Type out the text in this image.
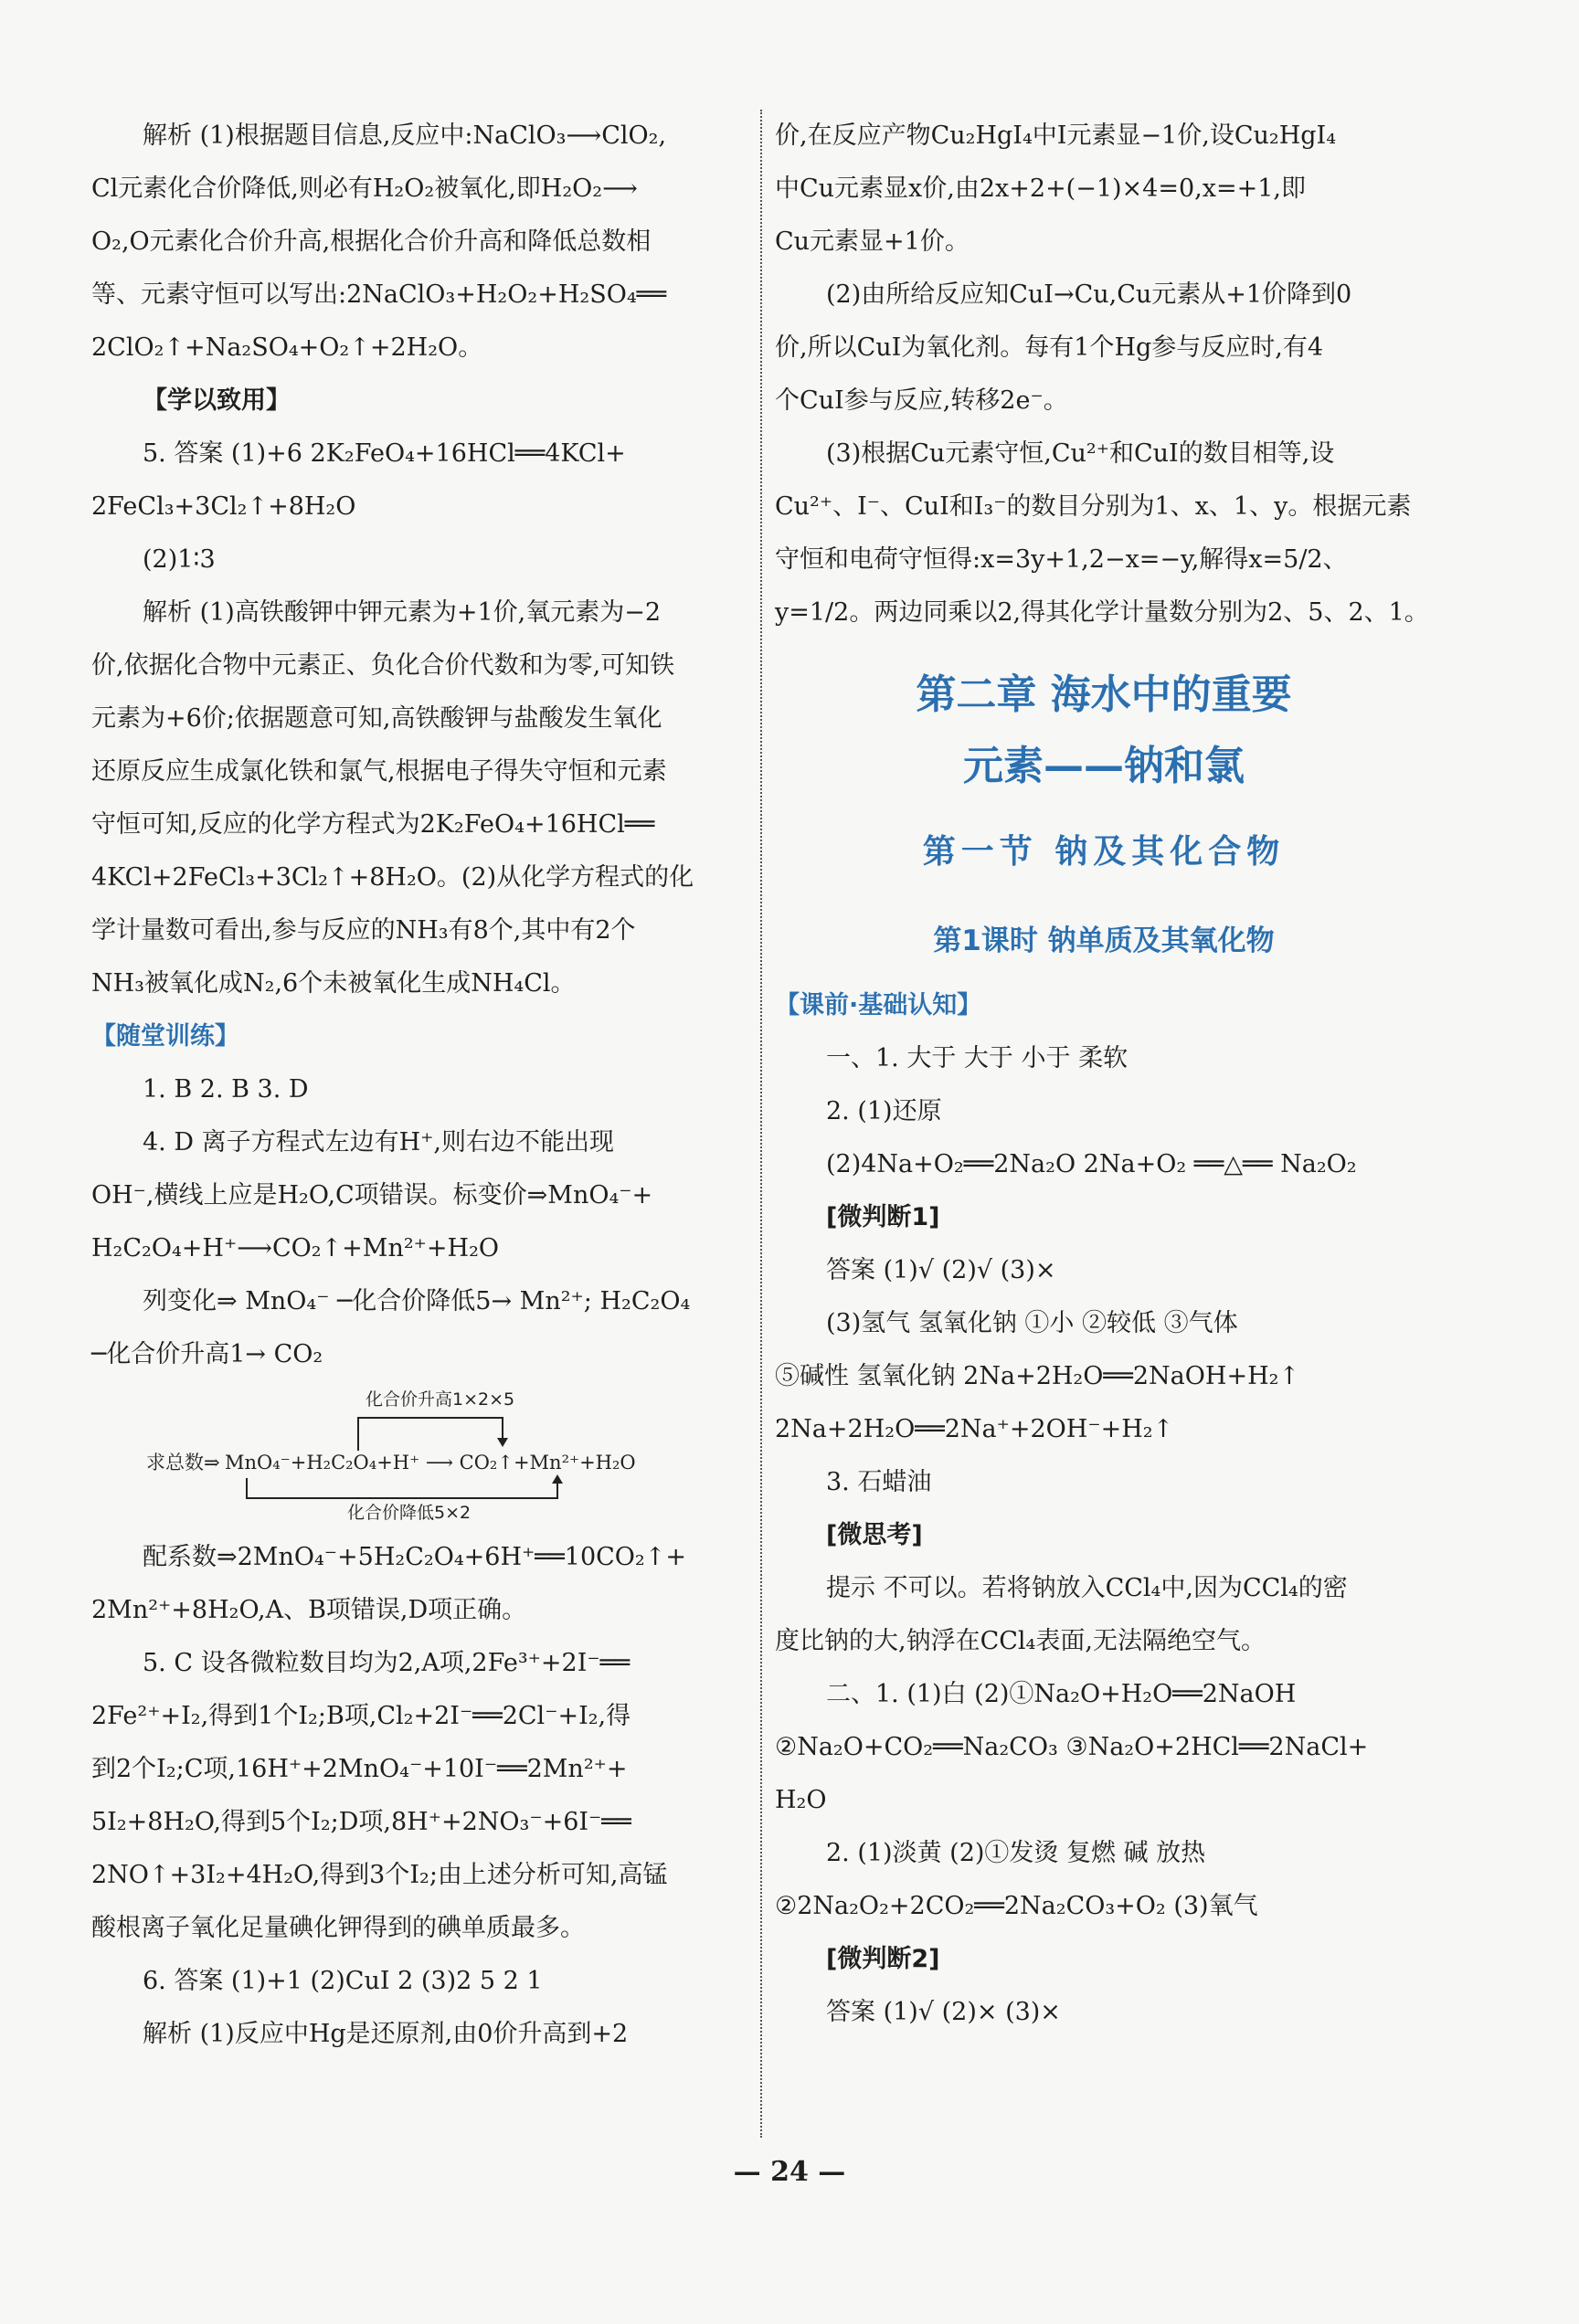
解析 (1)根据题目信息,反应中:NaClO₃⟶ClO₂,
Cl元素化合价降低,则必有H₂O₂被氧化,即H₂O₂⟶
O₂,O元素化合价升高,根据化合价升高和降低总数相
等、元素守恒可以写出:2NaClO₃+H₂O₂+H₂SO₄══
2ClO₂↑+Na₂SO₄+O₂↑+2H₂O。
【学以致用】
5. 答案 (1)+6 2K₂FeO₄+16HCl══4KCl+
2FeCl₃+3Cl₂↑+8H₂O
(2)1∶3
解析 (1)高铁酸钾中钾元素为+1价,氧元素为−2
价,依据化合物中元素正、负化合价代数和为零,可知铁
元素为+6价;依据题意可知,高铁酸钾与盐酸发生氧化
还原反应生成氯化铁和氯气,根据电子得失守恒和元素
守恒可知,反应的化学方程式为2K₂FeO₄+16HCl══
4KCl+2FeCl₃+3Cl₂↑+8H₂O。(2)从化学方程式的化
学计量数可看出,参与反应的NH₃有8个,其中有2个
NH₃被氧化成N₂,6个未被氧化生成NH₄Cl。
【随堂训练】
1. B 2. B 3. D
4. D 离子方程式左边有H⁺,则右边不能出现
OH⁻,横线上应是H₂O,C项错误。标变价⇒MnO₄⁻+
H₂C₂O₄+H⁺⟶CO₂↑+Mn²⁺+H₂O
列变化⇒ MnO₄⁻ ─化合价降低5→ Mn²⁺; H₂C₂O₄
─化合价升高1→ CO₂
化合价升高1×2×5
求总数⇒ MnO₄⁻+H₂C₂O₄+H⁺ ⟶ CO₂↑+Mn²⁺+H₂O
化合价降低5×2
配系数⇒2MnO₄⁻+5H₂C₂O₄+6H⁺══10CO₂↑+
2Mn²⁺+8H₂O,A、B项错误,D项正确。
5. C 设各微粒数目均为2,A项,2Fe³⁺+2I⁻══
2Fe²⁺+I₂,得到1个I₂;B项,Cl₂+2I⁻══2Cl⁻+I₂,得
到2个I₂;C项,16H⁺+2MnO₄⁻+10I⁻══2Mn²⁺+
5I₂+8H₂O,得到5个I₂;D项,8H⁺+2NO₃⁻+6I⁻══
2NO↑+3I₂+4H₂O,得到3个I₂;由上述分析可知,高锰
酸根离子氧化足量碘化钾得到的碘单质最多。
6. 答案 (1)+1 (2)CuI 2 (3)2 5 2 1
解析 (1)反应中Hg是还原剂,由0价升高到+2
价,在反应产物Cu₂HgI₄中I元素显−1价,设Cu₂HgI₄
中Cu元素显x价,由2x+2+(−1)×4=0,x=+1,即
Cu元素显+1价。
(2)由所给反应知CuI→Cu,Cu元素从+1价降到0
价,所以CuI为氧化剂。每有1个Hg参与反应时,有4
个CuI参与反应,转移2e⁻。
(3)根据Cu元素守恒,Cu²⁺和CuI的数目相等,设
Cu²⁺、I⁻、CuI和I₃⁻的数目分别为1、x、1、y。根据元素
守恒和电荷守恒得:x=3y+1,2−x=−y,解得x=5/2、
y=1/2。两边同乘以2,得其化学计量数分别为2、5、2、1。
第二章 海水中的重要
元素——钠和氯
第一节 钠及其化合物
第1课时 钠单质及其氧化物
【课前·基础认知】
一、1. 大于 大于 小于 柔软
2. (1)还原
(2)4Na+O₂══2Na₂O 2Na+O₂ ══△══ Na₂O₂
[微判断1]
答案 (1)√ (2)√ (3)×
(3)氢气 氢氧化钠 ①小 ②较低 ③气体
⑤碱性 氢氧化钠 2Na+2H₂O══2NaOH+H₂↑
2Na+2H₂O══2Na⁺+2OH⁻+H₂↑
3. 石蜡油
[微思考]
提示 不可以。若将钠放入CCl₄中,因为CCl₄的密
度比钠的大,钠浮在CCl₄表面,无法隔绝空气。
二、1. (1)白 (2)①Na₂O+H₂O══2NaOH
②Na₂O+CO₂══Na₂CO₃ ③Na₂O+2HCl══2NaCl+
H₂O
2. (1)淡黄 (2)①发烫 复燃 碱 放热
②2Na₂O₂+2CO₂══2Na₂CO₃+O₂ (3)氧气
[微判断2]
答案 (1)√ (2)× (3)×
— 24 —
